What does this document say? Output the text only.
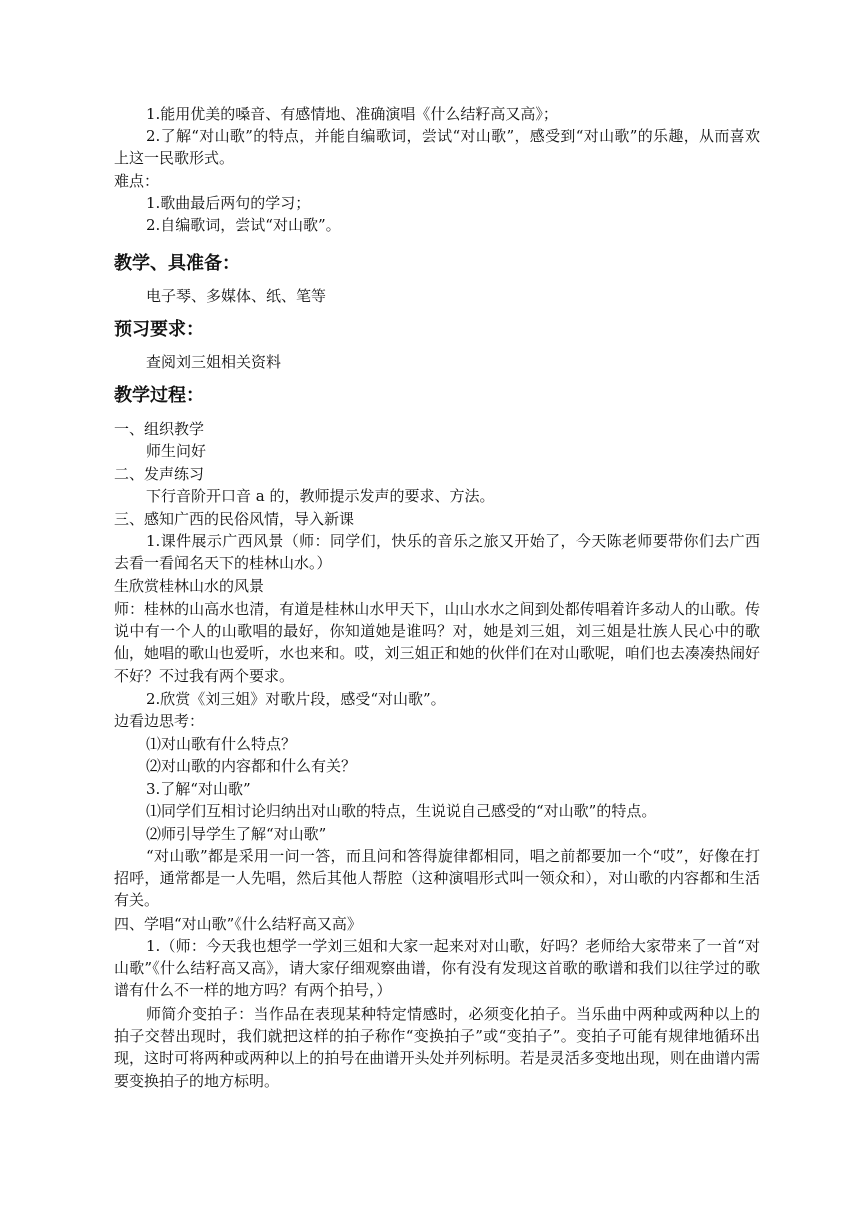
1.能用优美的嗓音、有感情地、准确演唱《什么结籽高又高》；

2.了解“对山歌”的特点，并能自编歌词，尝试“对山歌”，感受到“对山歌”的乐趣，从而喜欢上这一民歌形式。

难点：

1.歌曲最后两句的学习；

2.自编歌词，尝试“对山歌”。

教学、具准备：

电子琴、多媒体、纸、笔等

预习要求：

查阅刘三姐相关资料

教学过程：

一、组织教学

师生问好

二、发声练习

下行音阶开口音 a 的，教师提示发声的要求、方法。

三、感知广西的民俗风情，导入新课

1.课件展示广西风景（师：同学们，快乐的音乐之旅又开始了，今天陈老师要带你们去广西去看一看闻名天下的桂林山水。）

生欣赏桂林山水的风景

师：桂林的山高水也清，有道是桂林山水甲天下，山山水水之间到处都传唱着许多动人的山歌。传说中有一个人的山歌唱的最好，你知道她是谁吗？对，她是刘三姐，刘三姐是壮族人民心中的歌仙，她唱的歌山也爱听，水也来和。哎，刘三姐正和她的伙伴们在对山歌呢，咱们也去凑凑热闹好不好？不过我有两个要求。

2.欣赏《刘三姐》对歌片段，感受“对山歌”。

边看边思考：

⑴对山歌有什么特点？

⑵对山歌的内容都和什么有关？

3.了解“对山歌”

⑴同学们互相讨论归纳出对山歌的特点，生说说自己感受的“对山歌”的特点。

⑵师引导学生了解“对山歌”

“对山歌”都是采用一问一答，而且问和答得旋律都相同，唱之前都要加一个“哎”，好像在打招呼，通常都是一人先唱，然后其他人帮腔（这种演唱形式叫一领众和），对山歌的内容都和生活有关。

四、学唱“对山歌”《什么结籽高又高》

1.（师：今天我也想学一学刘三姐和大家一起来对对山歌，好吗？老师给大家带来了一首“对山歌”《什么结籽高又高》，请大家仔细观察曲谱，你有没有发现这首歌的歌谱和我们以往学过的歌谱有什么不一样的地方吗？有两个拍号，）

师简介变拍子：当作品在表现某种特定情感时，必须变化拍子。当乐曲中两种或两种以上的拍子交替出现时，我们就把这样的拍子称作“变换拍子”或“变拍子”。变拍子可能有规律地循环出现，这时可将两种或两种以上的拍号在曲谱开头处并列标明。若是灵活多变地出现，则在曲谱内需要变换拍子的地方标明。
